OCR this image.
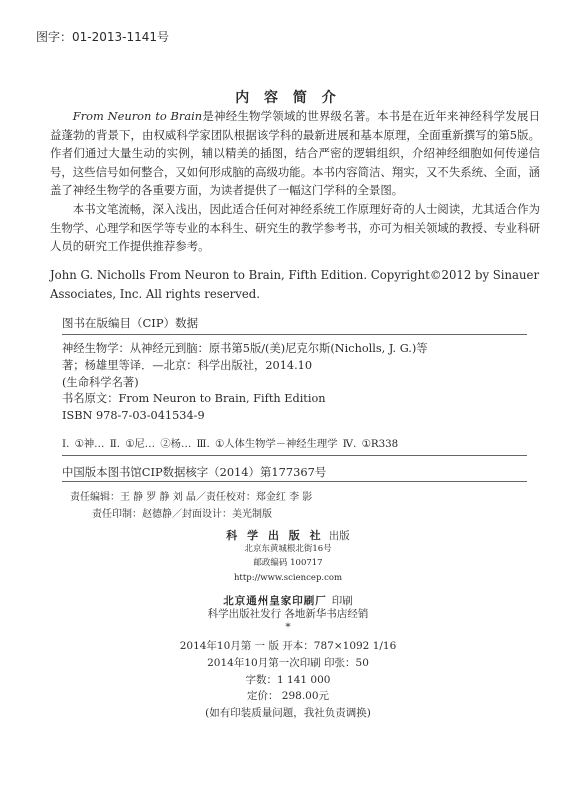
图字：01-2013-1141号
内 容 简 介

From Neuron to Brain是神经生物学领域的世界级名著。本书是在近年来神经科学发展日益蓬勃的背景下，由权威科学家团队根据该学科的最新进展和基本原理，全面重新撰写的第5版。作者们通过大量生动的实例，辅以精美的插图，结合严密的逻辑组织，介绍神经细胞如何传递信号，这些信号如何整合，又如何形成脑的高级功能。本书内容简洁、翔实，又不失系统、全面，涵盖了神经生物学的各重要方面，为读者提供了一幅这门学科的全景图。

本书文笔流畅，深入浅出，因此适合任何对神经系统工作原理好奇的人士阅读，尤其适合作为生物学、心理学和医学等专业的本科生、研究生的教学参考书，亦可为相关领域的教授、专业科研人员的研究工作提供推荐参考。

John G. Nicholls From Neuron to Brain, Fifth Edition. Copyright©2012 by Sinauer
Associates, Inc. All rights reserved.
图书在版编目（CIP）数据
神经生物学：从神经元到脑：原书第5版/(美)尼克尔斯(Nicholls, J. G.)等
著；杨雄里等译．—北京：科学出版社，2014.10
(生命科学名著)
书名原文：From Neuron to Brain, Fifth Edition
ISBN 978-7-03-041534-9
Ⅰ. ①神… Ⅱ. ①尼… ②杨… Ⅲ. ①人体生物学－神经生理学 Ⅳ. ①R338
中国版本图书馆CIP数据核字（2014）第177367号
责任编辑：王 静 罗 静 刘 晶／责任校对：郑金红 李 影
责任印制：赵德静／封面设计：美光制版
科 学 出 版 社 出版
北京东黄城根北街16号
邮政编码 100717
http://www.sciencep.com
北京通州皇家印刷厂 印刷
科学出版社发行 各地新华书店经销
*
2014年10月第 一 版 开本：787×1092 1/16
2014年10月第一次印刷 印张：50
字数：1 141 000
定价： 298.00元
(如有印装质量问题，我社负责调换)
